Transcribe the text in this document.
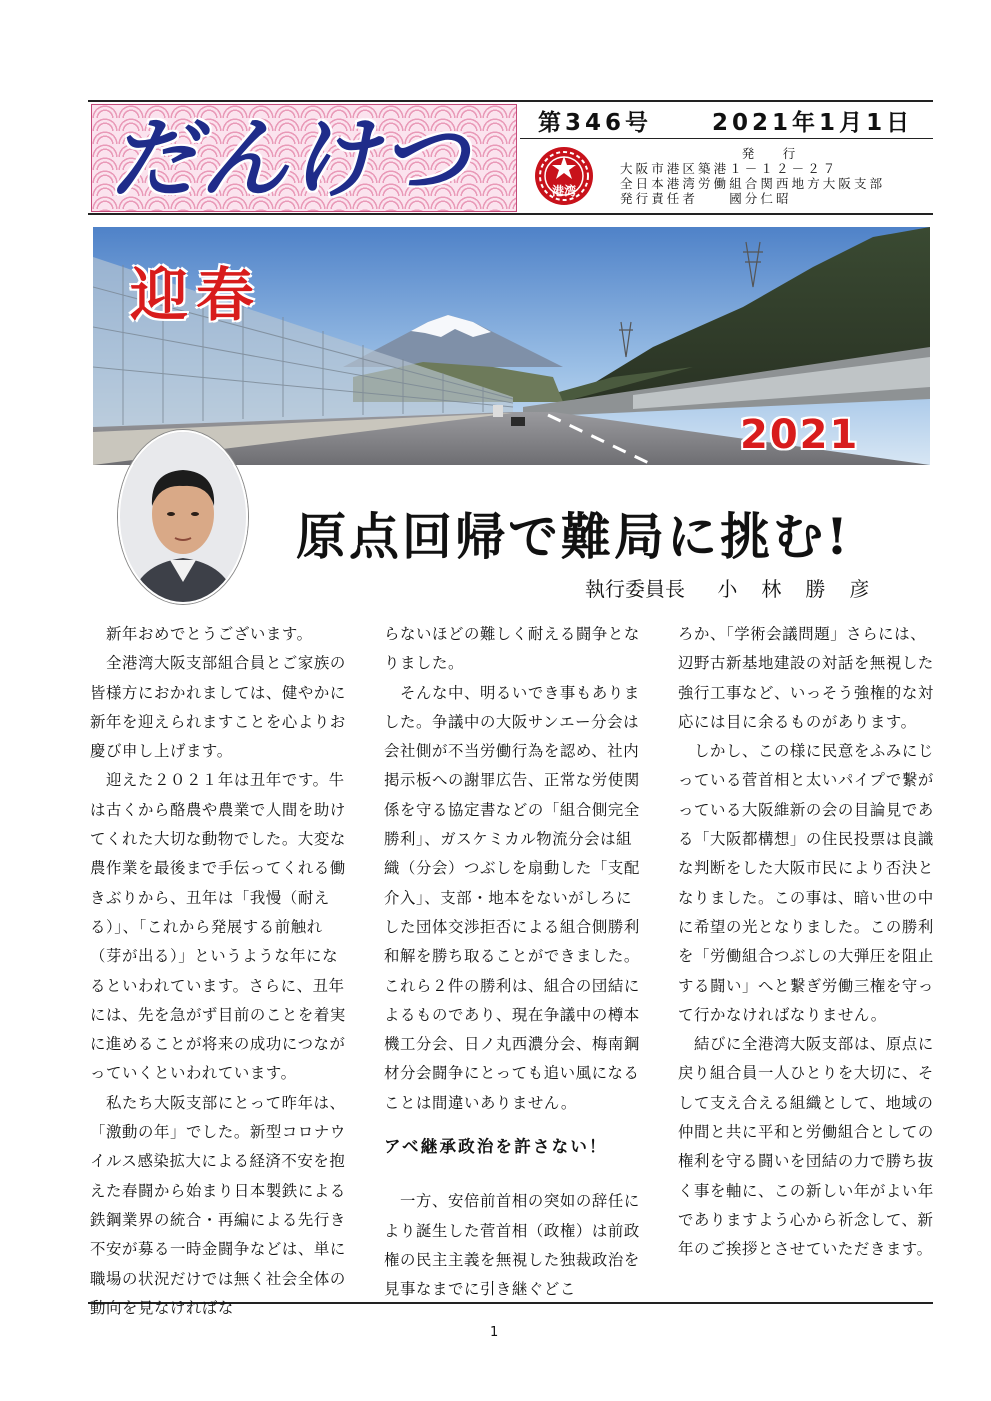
だんけつ	第346号	2021年1月1日
港湾
発　行
大阪市港区築港１－１２－２７
全日本港湾労働組合関西地方大阪支部
発行責任者　　國分仁昭
迎春
2021
原点回帰で難局に挑む!
執行委員長 小林勝彦

　新年おめでとうございます。

　全港湾大阪支部組合員とご家族の皆様方におかれましては、健やかに新年を迎えられますことを心よりお慶び申し上げます。

　迎えた２０２１年は丑年です。牛は古くから酪農や農業で人間を助けてくれた大切な動物でした。大変な農作業を最後まで手伝ってくれる働きぶりから、丑年は「我慢（耐える）」、「これから発展する前触れ（芽が出る）」というような年になるといわれています。さらに、丑年には、先を急がず目前のことを着実に進めることが将来の成功につながっていくといわれています。

　私たち大阪支部にとって昨年は、「激動の年」でした。新型コロナウイルス感染拡大による経済不安を抱えた春闘から始まり日本製鉄による鉄鋼業界の統合・再編による先行き不安が募る一時金闘争などは、単に職場の状況だけでは無く社会全体の動向を見なければな

らないほどの難しく耐える闘争となりました。

　そんな中、明るいでき事もありました。争議中の大阪サンエー分会は会社側が不当労働行為を認め、社内掲示板への謝罪広告、正常な労使関係を守る協定書などの「組合側完全勝利」、ガスケミカル物流分会は組織（分会）つぶしを扇動した「支配介入」、支部・地本をないがしろにした団体交渉拒否による組合側勝利和解を勝ち取ることができました。これら２件の勝利は、組合の団結によるものであり、現在争議中の樽本機工分会、日ノ丸西濃分会、梅南鋼材分会闘争にとっても追い風になることは間違いありません。

アベ継承政治を許さない！

　一方、安倍前首相の突如の辞任により誕生した菅首相（政権）は前政権の民主主義を無視した独裁政治を見事なまでに引き継ぐどこ

ろか、「学術会議問題」さらには、辺野古新基地建設の対話を無視した強行工事など、いっそう強権的な対応には目に余るものがあります。

　しかし、この様に民意をふみにじっている菅首相と太いパイプで繋がっている大阪維新の会の目論見である「大阪都構想」の住民投票は良識な判断をした大阪市民により否決となりました。この事は、暗い世の中に希望の光となりました。この勝利を「労働組合つぶしの大弾圧を阻止する闘い」へと繋ぎ労働三権を守って行かなければなりません。

　結びに全港湾大阪支部は、原点に戻り組合員一人ひとりを大切に、そして支え合える組織として、地域の仲間と共に平和と労働組合としての権利を守る闘いを団結の力で勝ち抜く事を軸に、この新しい年がよい年でありますよう心から祈念して、新年のご挨拶とさせていただきます。

1
